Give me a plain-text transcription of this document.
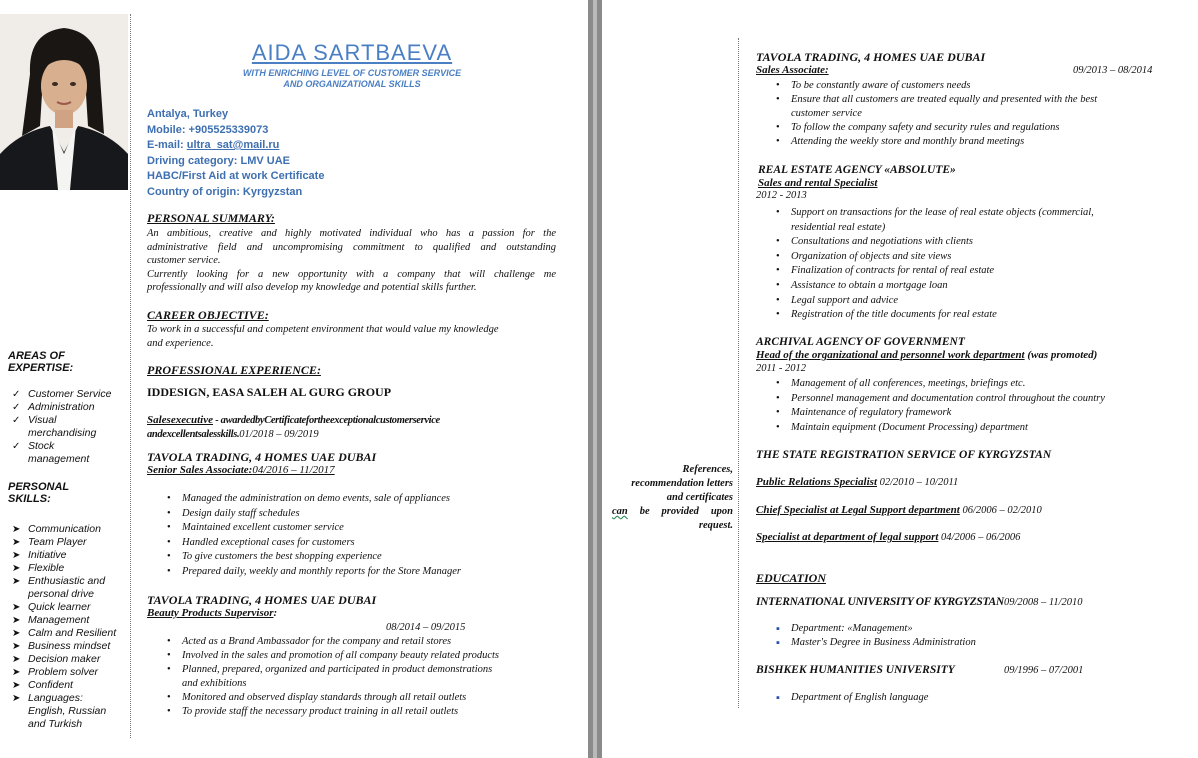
AREAS OF
EXPERTISE:
✓ Customer Service
✓ Administration
✓ Visual
merchandising
✓ Stock
management
PERSONAL
SKILLS:
➤ Communication
➤ Team Player
➤ Initiative
➤ Flexible
➤ Enthusiastic and
personal drive
➤ Quick learner
➤ Management
➤ Calm and Resilient
➤ Business mindset
➤ Decision maker
➤ Problem solver
➤ Confident
➤ Languages:
English, Russian
and Turkish
AIDA SARTBAEVA
WITH ENRICHING LEVEL OF CUSTOMER SERVICE
AND ORGANIZATIONAL SKILLS
Antalya, Turkey
Mobile: +905525339073
E-mail: ultra_sat@mail.ru
Driving category: LMV UAE
HABC/First Aid at work Certificate
Country of origin: Kyrgyzstan
PERSONAL SUMMARY:
An ambitious, creative and highly motivated individual who has a passion for the
administrative field and uncompromising commitment to qualified and outstanding
customer service.
Currently looking for a new opportunity with a company that will challenge me
professionally and will also develop my knowledge and potential skills further.
CAREER OBJECTIVE:
To work in a successful and competent environment that would value my knowledge
and experience.
PROFESSIONAL EXPERIENCE:
IDDESIGN, EASA SALEH AL GURG GROUP
Salesexecutive - awardedbyCertificatefortheexceptionalcustomerservice
andexcellentsalesskills.01/2018 – 09/2019
TAVOLA TRADING, 4 HOMES UAE DUBAI
Senior Sales Associate:04/2016 – 11/2017
• Managed the administration on demo events, sale of appliances
• Design daily staff schedules
• Maintained excellent customer service
• Handled exceptional cases for customers
• To give customers the best shopping experience
• Prepared daily, weekly and monthly reports for the Store Manager
TAVOLA TRADING, 4 HOMES UAE DUBAI
Beauty Products Supervisor:
08/2014 – 09/2015
• Acted as a Brand Ambassador for the company and retail stores
• Involved in the sales and promotion of all company beauty related products
• Planned, prepared, organized and participated in product demonstrations
and exhibitions
• Monitored and observed display standards through all retail outlets
• To provide staff the necessary product training in all retail outlets
References,
recommendation letters
and certificates
can be provided upon
request.
TAVOLA TRADING, 4 HOMES UAE DUBAI
Sales Associate:	09/2013 – 08/2014
• To be constantly aware of customers needs
• Ensure that all customers are treated equally and presented with the best
customer service
• To follow the company safety and security rules and regulations
• Attending the weekly store and monthly brand meetings
REAL ESTATE AGENCY «ABSOLUTE»
Sales and rental Specialist
2012 - 2013
• Support on transactions for the lease of real estate objects (commercial,
residential real estate)
• Consultations and negotiations with clients
• Organization of objects and site views
• Finalization of contracts for rental of real estate
• Assistance to obtain a mortgage loan
• Legal support and advice
• Registration of the title documents for real estate
ARCHIVAL AGENCY OF GOVERNMENT
Head of the organizational and personnel work department (was promoted)
2011 - 2012
• Management of all conferences, meetings, briefings etc.
• Personnel management and documentation control throughout the country
• Maintenance of regulatory framework
• Maintain equipment (Document Processing) department
THE STATE REGISTRATION SERVICE OF KYRGYZSTAN
Public Relations Specialist 02/2010 – 10/2011
Chief Specialist at Legal Support department 06/2006 – 02/2010
Specialist at department of legal support 04/2006 – 06/2006
EDUCATION
INTERNATIONAL UNIVERSITY OF KYRGYZSTAN09/2008 – 11/2010
▪ Department: «Management»
▪ Master's Degree in Business Administration
BISHKEK HUMANITIES UNIVERSITY	09/1996 – 07/2001
▪ Department of English language
